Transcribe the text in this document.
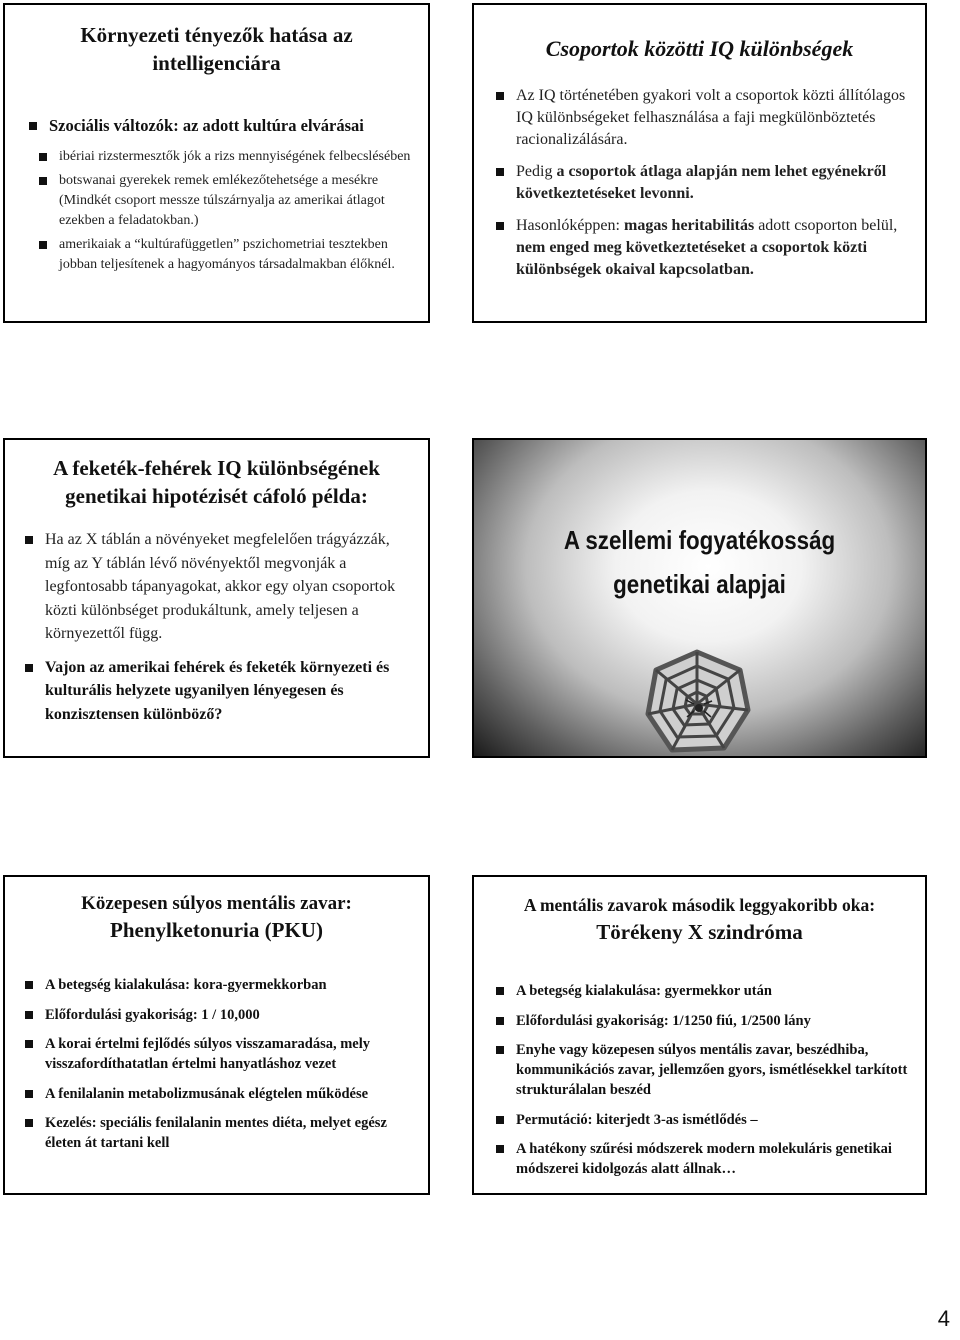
Környezeti tényezők hatása az
intelligenciára
Szociális változók: az adott kultúra elvárásai
ibériai rizstermesztők jók a rizs mennyiségének felbecslésében
botswanai gyerekek remek emlékezőtehetsége a mesékre (Mindkét csoport messze túlszárnyalja az amerikai átlagot ezekben a feladatokban.)
amerikaiak a “kultúrafüggetlen” pszichometriai tesztekben jobban teljesítenek a hagyományos társadalmakban élőknél.
Csoportok közötti IQ különbségek
Az IQ történetében gyakori volt a csoportok közti állítólagos IQ különbségeket felhasználása a faji megkülönböztetés racionalizálására.
Pedig a csoportok átlaga alapján nem lehet egyénekről következtetéseket levonni.
Hasonlóképpen: magas heritabilitás adott csoporton belül, nem enged meg következtetéseket a csoportok közti különbségek okaival kapcsolatban.
A feketék-fehérek IQ különbségének
genetikai hipotézisét cáfoló példa:
Ha az X táblán a növényeket megfelelően trágyázzák, míg az Y táblán lévő növényektől megvonják a legfontosabb tápanyagokat, akkor egy olyan csoportok közti különbséget produkáltunk, amely teljesen a környezettől függ.
Vajon az amerikai fehérek és feketék környezeti és kulturális helyzete ugyanilyen lényegesen és konzisztensen különböző?
A szellemi fogyatékosság
genetikai alapjai
Közepesen súlyos mentális zavar:
Phenylketonuria (PKU)
A betegség kialakulása: kora-gyermekkorban
Előfordulási gyakoriság: 1 / 10,000
A korai értelmi fejlődés súlyos visszamaradása, mely visszafordíthatatlan értelmi hanyatláshoz vezet
A fenilalanin metabolizmusának elégtelen működése
Kezelés: speciális fenilalanin mentes diéta, melyet egész életen át tartani kell
A mentális zavarok második leggyakoribb oka:
Törékeny X szindróma
A betegség kialakulása: gyermekkor után
Előfordulási gyakoriság: 1/1250 fiú, 1/2500 lány
Enyhe vagy közepesen súlyos mentális zavar, beszédhiba, kommunikációs zavar, jellemzően gyors, ismétlésekkel tarkított strukturálalan beszéd
Permutáció: kiterjedt 3-as ismétlődés –
A hatékony szűrési módszerek modern molekuláris genetikai módszerei kidolgozás alatt állnak…
4
